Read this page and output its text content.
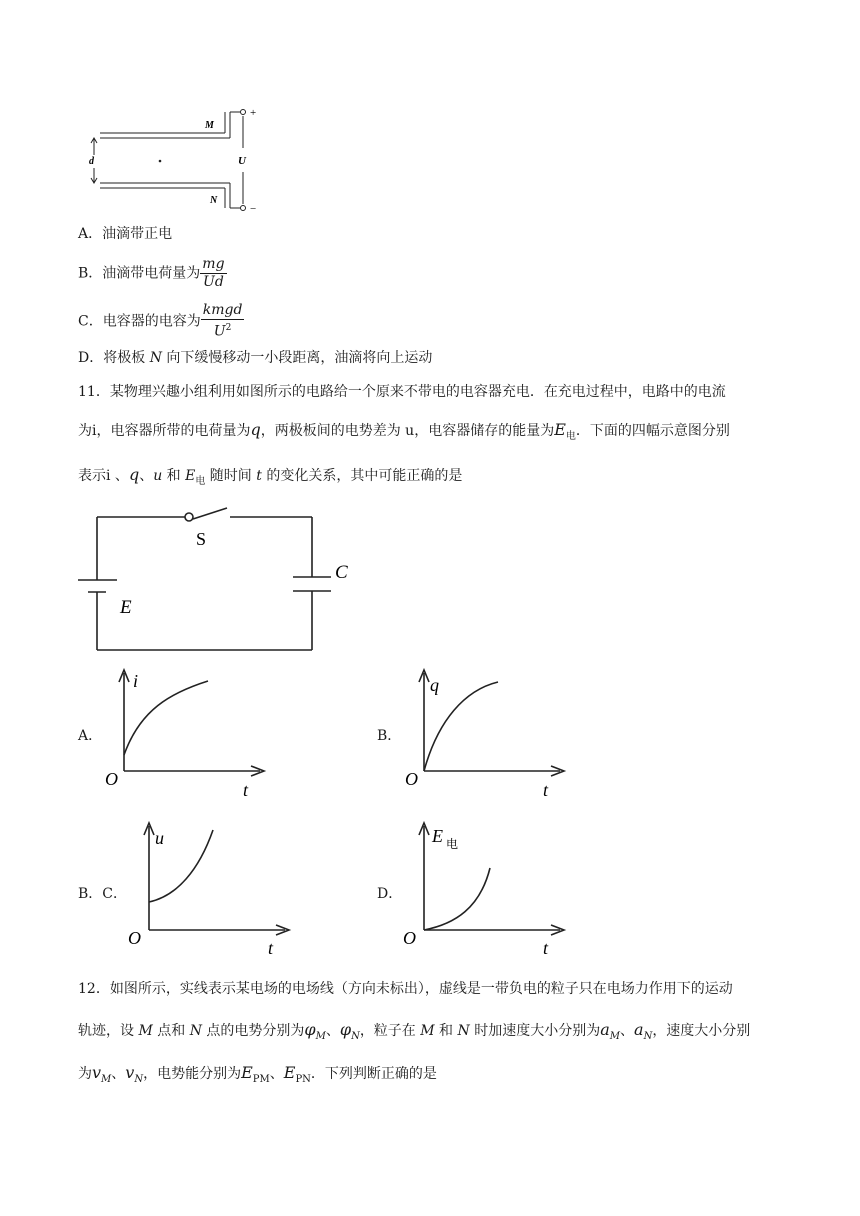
M
N
d	U
+
−
A．油滴带正电
B．油滴带电荷量为 $\frac{mg}{Ud}$
C．电容器的电容为 $\frac{\text{kmgd}}{U^2}$
D．将极板 N 向下缓慢移动一小段距离，油滴将向上运动
11．某物理兴趣小组利用如图所示的电路给一个原来不带电的电容器充电．在充电过程中，电路中的电流
为i，电容器所带的电荷量为q，两极板间的电势差为 u，电容器储存的能量为$E_电$．下面的四幅示意图分别
表示i 、q、u 和 $E_电$ 随时间 t 的变化关系，其中可能正确的是
S
E
C
A．	B．
B．C．	D．
i
O
t
q
O
t
u
O	t
E 电
O	t
12．如图所示，实线表示某电场的电场线（方向未标出），虚线是一带负电的粒子只在电场力作用下的运动
轨迹，设 M 点和 N 点的电势分别为$\varphi_M$、$\varphi_N$，粒子在 M 和 N 时加速度大小分别为$a_M$、$a_N$，速度大小分别
为$v_M$、$v_N$，电势能分别为$E_{PM}$、$E_{PN}$．下列判断正确的是
